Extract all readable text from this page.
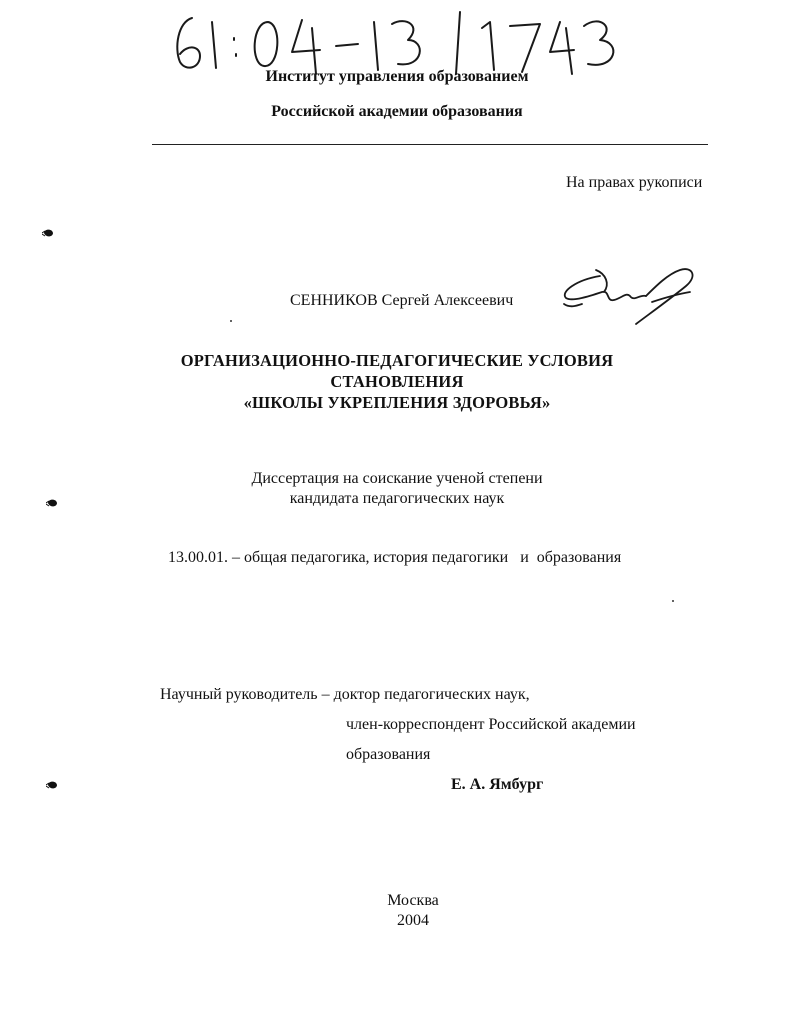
Институт управления образованием
Российской академии образования
На правах рукописи
СЕННИКОВ Сергей Алексеевич
ОРГАНИЗАЦИОННО-ПЕДАГОГИЧЕСКИЕ УСЛОВИЯ
СТАНОВЛЕНИЯ
«ШКОЛЫ УКРЕПЛЕНИЯ ЗДОРОВЬЯ»
Диссертация на соискание ученой степени
кандидата педагогических наук
13.00.01. – общая педагогика, история педагогики   и  образования
Научный руководитель – доктор педагогических наук,
член-корреспондент Российской академии
образования
Е. А. Ямбург
Москва
2004
